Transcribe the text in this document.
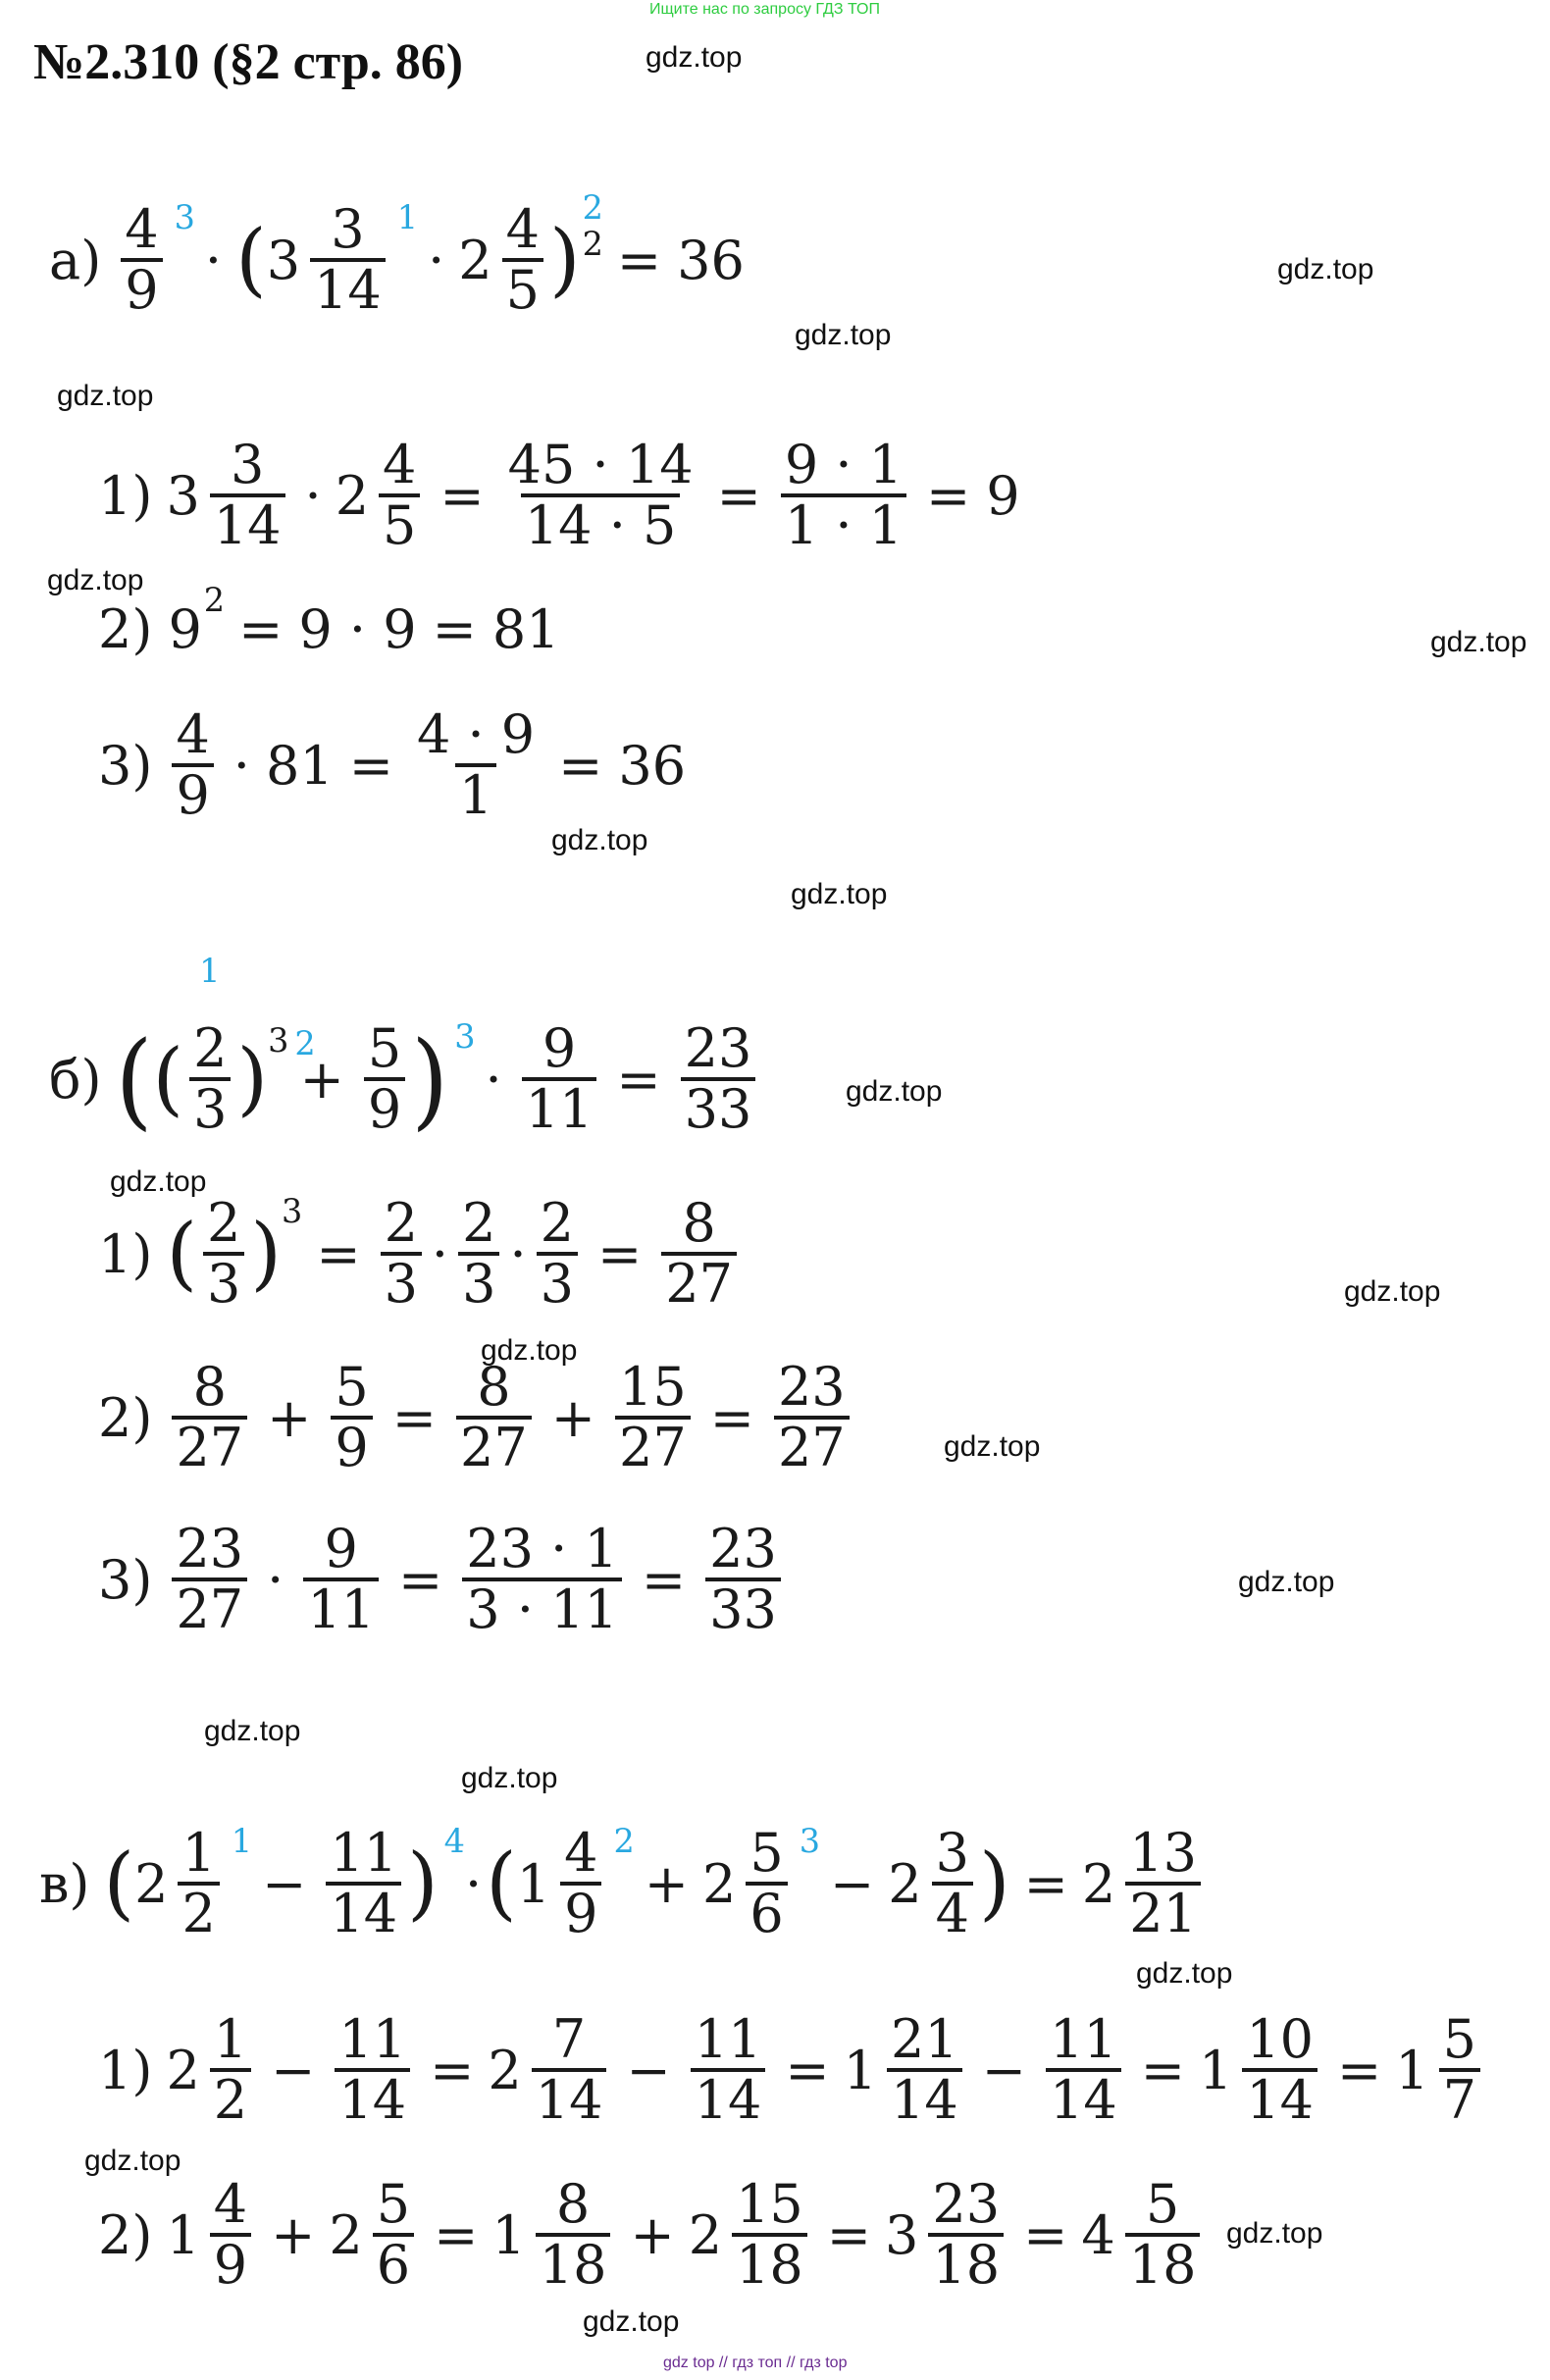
Ищите нас по запросу ГДЗ ТОП
№2.310 (§2 стр. 86)	gdz.top
gdz.top
gdz.top
gdz.top
gdz.top
gdz.top
gdz.top
gdz.top
gdz.top
gdz.top
gdz.top
gdz.top
gdz.top
gdz.top
gdz.top
gdz.top
gdz.top
gdz.top
gdz.top
gdz.top
$а) \frac{4}{9} 3$
· ( $3 \frac{3}{14} 1$
· $2 \frac{4}{5}$ )
2
2 = 36
1) $3 \frac{3}{14} \cdot 2 \frac{4}{5} = \frac{45 \cdot 14}{14 \cdot 5} = \frac{9 \cdot 1}{1 \cdot 1} = 9$
2) 9 2 = 9 · 9 = 81
$3) \frac{4}{9} \cdot 81 = \frac{4 \cdot 9}{1} = 36$
б) ( ( 2
3
1
) 3 2
+ $\frac{5}{9}$ ) 3
· $\frac{9}{11} = \frac{23}{33}$
1) ( $\frac{2}{3}$ ) 3
= $\frac{2}{3} \cdot \frac{2}{3} \cdot \frac{2}{3} = \frac{8}{27}$
$2) \frac{8}{27} + \frac{5}{9} = \frac{8}{27} + \frac{15}{27} = \frac{23}{27}$
$3) \frac{23}{27} \cdot \frac{9}{11} = \frac{23 \cdot 1}{3 \cdot 11} = \frac{23}{33}$
в) ( $2 \frac{1}{2} 1$
− $\frac{11}{14}$ ) 4
· ( $1 \frac{4}{9} 2$
+ $2 \frac{5}{6} 3$
− $2 \frac{3}{4}$ ) = $2 \frac{13}{21}$
1) $2 \frac{1}{2} - \frac{11}{14} = 2 \frac{7}{14} - \frac{11}{14} = 1 \frac{21}{14} - \frac{11}{14} = 1 \frac{10}{14} = 1 \frac{5}{7}$
2) $1 \frac{4}{9} + 2 \frac{5}{6} = 1 \frac{8}{18} + 2 \frac{15}{18} = 3 \frac{23}{18} = 4 \frac{5}{18}$
gdz top // гдз топ // гдз top
